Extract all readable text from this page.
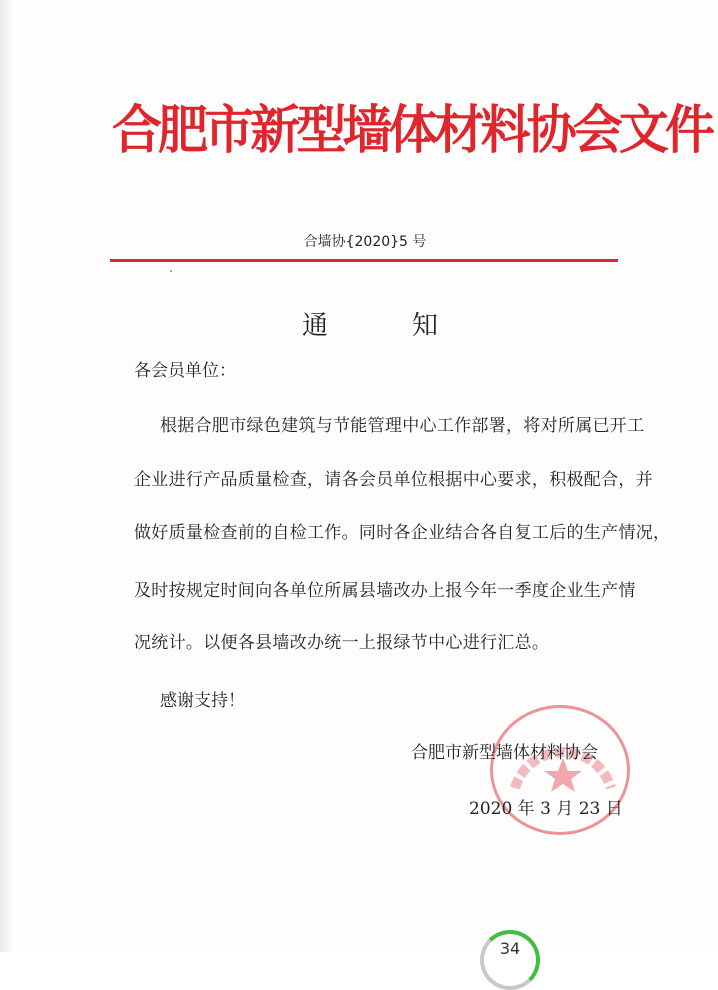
合肥市新型墙体材料协会文件
合墙协{2020}5 号
通	知
各会员单位：
根据合肥市绿色建筑与节能管理中心工作部署，将对所属已开工
企业进行产品质量检查，请各会员单位根据中心要求，积极配合，并
做好质量检查前的自检工作。同时各企业结合各自复工后的生产情况，
及时按规定时间向各单位所属县墙改办上报今年一季度企业生产情
况统计。以便各县墙改办统一上报绿节中心进行汇总。
感谢支持！
合肥市新型墙体材料协会
2020 年 3 月 23 日
34
